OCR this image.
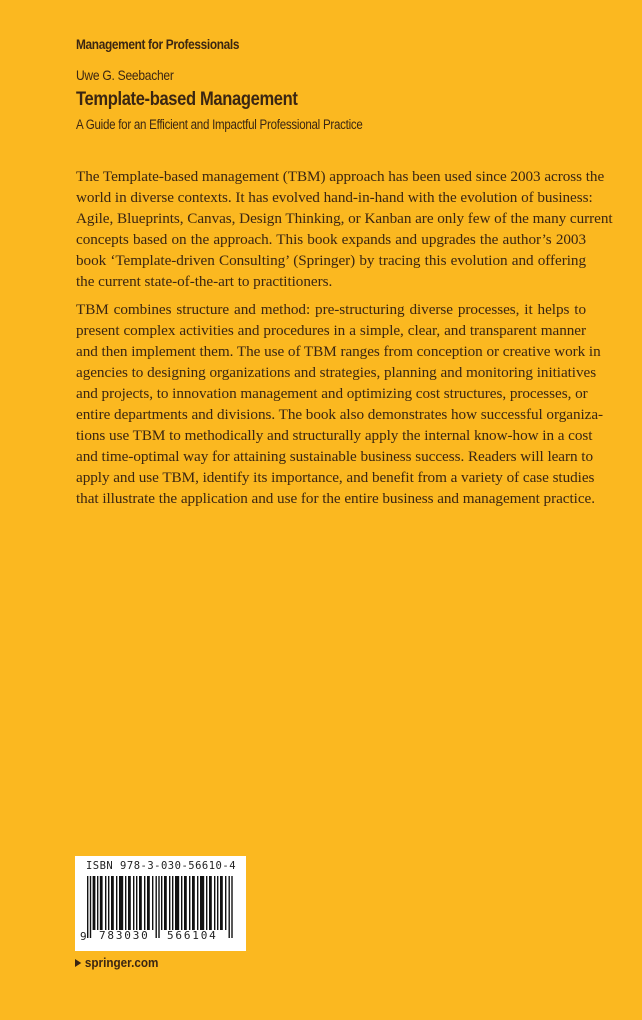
Management for Professionals
Uwe G. Seebacher
Template-based Management
A Guide for an Efficient and Impactful Professional Practice

The Template-based management (TBM) approach has been used since 2003 across the
world in diverse contexts. It has evolved hand-in-hand with the evolution of business:
Agile, Blueprints, Canvas, Design Thinking, or Kanban are only few of the many current
concepts based on the approach. This book expands and upgrades the author’s 2003
book ‘Template-driven Consulting’ (Springer) by tracing this evolution and offering
the current state-of-the-art to practitioners.

TBM combines structure and method: pre-structuring diverse processes, it helps to
present complex activities and procedures in a simple, clear, and transparent manner
and then implement them. The use of TBM ranges from conception or creative work in
agencies to designing organizations and strategies, planning and monitoring initiatives
and projects, to innovation management and optimizing cost structures, processes, or
entire departments and divisions. The book also demonstrates how successful organiza-
tions use TBM to methodically and structurally apply the internal know-how in a cost
and time-optimal way for attaining sustainable business success. Readers will learn to
apply and use TBM, identify its importance, and benefit from a variety of case studies
that illustrate the application and use for the entire business and management practice.

ISBN 978-3-030-56610-4
9 783030 566104
springer.com
